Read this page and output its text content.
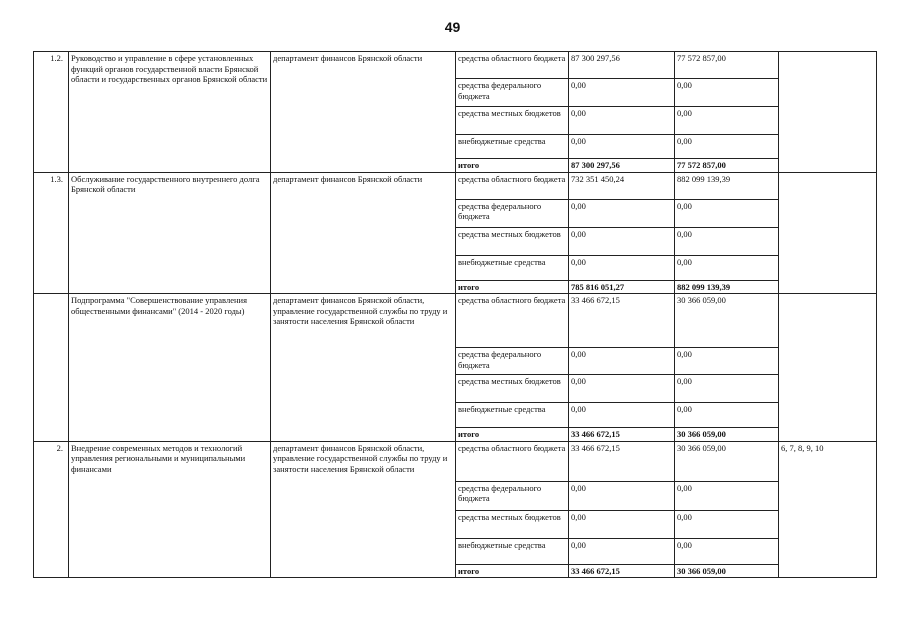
49
1.2.	Руководство и управление в сфере установленных функций органов государственной власти Брянской области и государственных органов Брянской области	департамент финансов Брянской области	средства областного бюджета	87 300 297,56	77 572 857,00	
			средства федерального бюджета	0,00	0,00	
			средства местных бюджетов	0,00	0,00	
			внебюджетные средства	0,00	0,00	
			итого	87 300 297,56	77 572 857,00	
1.3.	Обслуживание государственного внутреннего долга Брянской области	департамент финансов Брянской области	средства областного бюджета	732 351 450,24	882 099 139,39	
			средства федерального бюджета	0,00	0,00	
			средства местных бюджетов	0,00	0,00	
			внебюджетные средства	0,00	0,00	
			итого	785 816 051,27	882 099 139,39	
	Подпрограмма "Совершенствование управления общественными финансами" (2014 - 2020 годы)	департамент финансов Брянской области, управление государственной службы по труду и занятости населения Брянской области	средства областного бюджета	33 466 672,15	30 366 059,00	
			средства федерального бюджета	0,00	0,00	
			средства местных бюджетов	0,00	0,00	
			внебюджетные средства	0,00	0,00	
			итого	33 466 672,15	30 366 059,00	
2.	Внедрение современных методов и технологий управления региональными и муниципальными финансами	департамент финансов Брянской области, управление государственной службы по труду и занятости населения Брянской области	средства областного бюджета	33 466 672,15	30 366 059,00	6, 7, 8, 9, 10
			средства федерального бюджета	0,00	0,00	
			средства местных бюджетов	0,00	0,00	
			внебюджетные средства	0,00	0,00	
			итого	33 466 672,15	30 366 059,00	
